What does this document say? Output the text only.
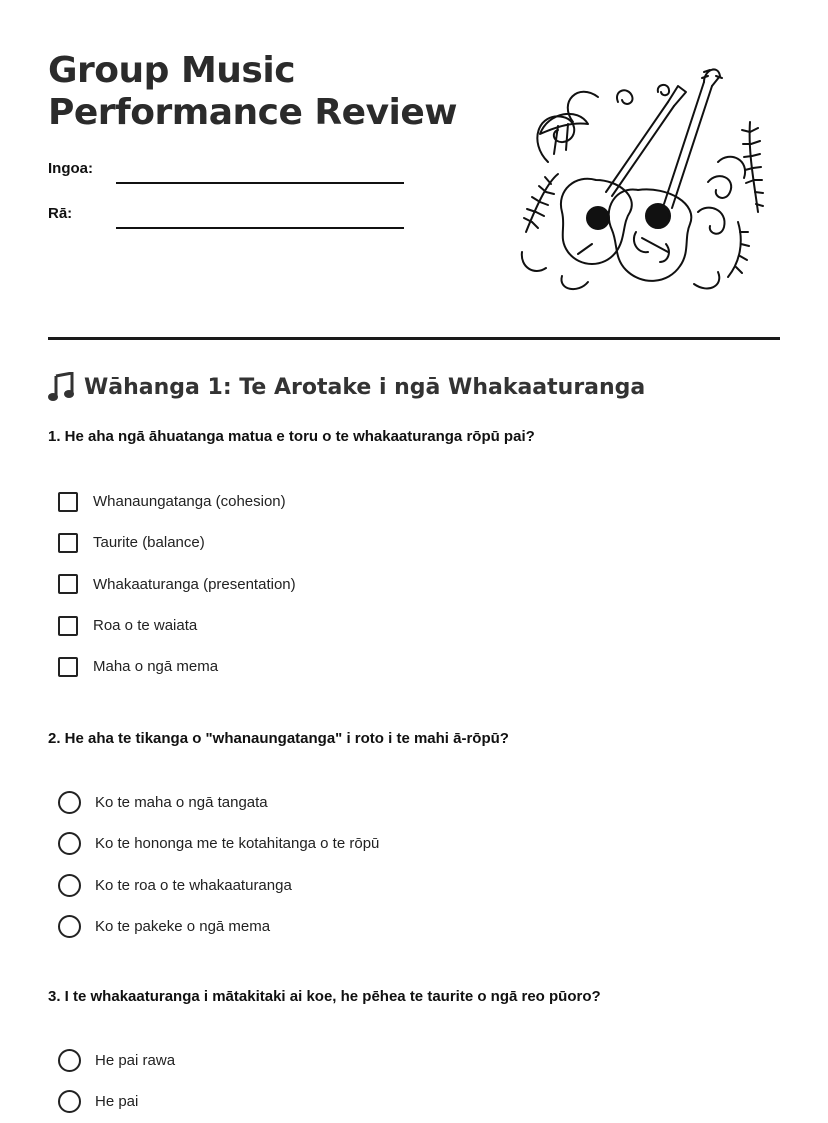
Group Music
Performance Review
Ingoa:
Rā:
Wāhanga 1: Te Arotake i ngā Whakaaturanga

1. He aha ngā āhuatanga matua e toru o te whakaaturanga rōpū pai?

Whanaungatanga (cohesion)
Taurite (balance)
Whakaaturanga (presentation)
Roa o te waiata
Maha o ngā mema

2. He aha te tikanga o "whanaungatanga" i roto i te mahi ā-rōpū?

Ko te maha o ngā tangata
Ko te hononga me te kotahitanga o te rōpū
Ko te roa o te whakaaturanga
Ko te pakeke o ngā mema

3. I te whakaaturanga i mātakitaki ai koe, he pēhea te taurite o ngā reo pūoro?

He pai rawa
He pai
